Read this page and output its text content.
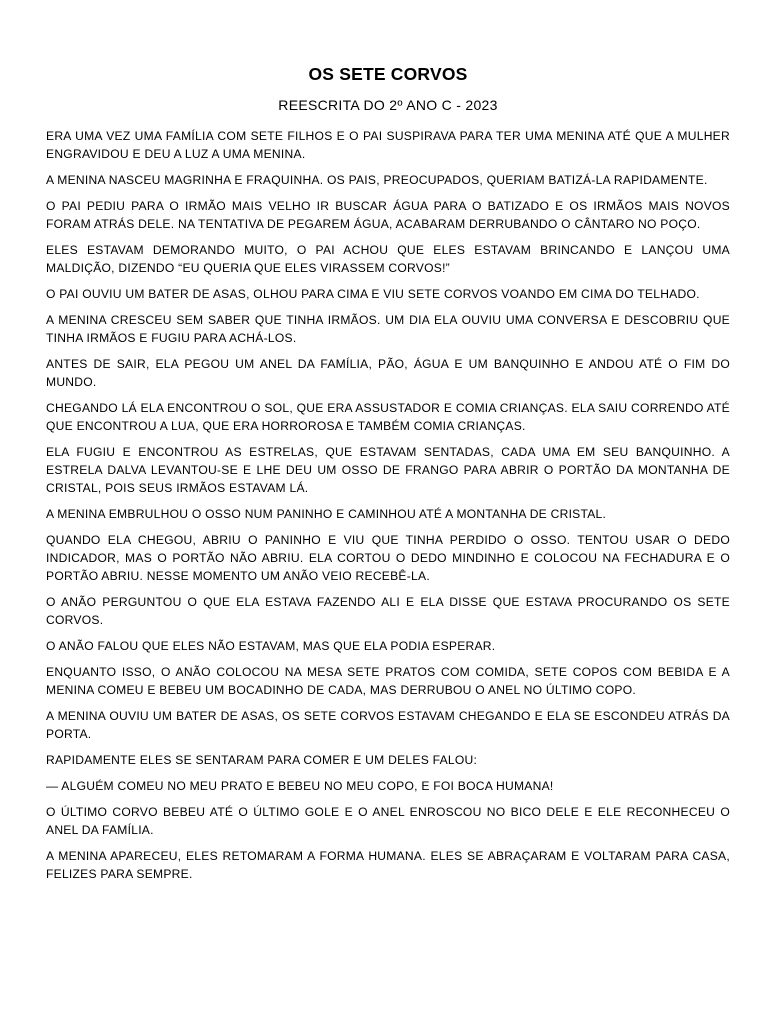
OS SETE CORVOS
REESCRITA DO 2º ANO C - 2023

ERA UMA VEZ UMA FAMÍLIA COM SETE FILHOS E O PAI SUSPIRAVA PARA TER UMA MENINA ATÉ QUE A MULHER ENGRAVIDOU E DEU A LUZ A UMA MENINA.

A MENINA NASCEU MAGRINHA E FRAQUINHA. OS PAIS, PREOCUPADOS, QUERIAM BATIZÁ-LA RAPIDAMENTE.

O PAI PEDIU PARA O IRMÃO MAIS VELHO IR BUSCAR ÁGUA PARA O BATIZADO E OS IRMÃOS MAIS NOVOS FORAM ATRÁS DELE. NA TENTATIVA DE PEGAREM ÁGUA, ACABARAM DERRUBANDO O CÂNTARO NO POÇO.

ELES ESTAVAM DEMORANDO MUITO, O PAI ACHOU QUE ELES ESTAVAM BRINCANDO E LANÇOU UMA MALDIÇÃO, DIZENDO “EU QUERIA QUE ELES VIRASSEM CORVOS!”

O PAI OUVIU UM BATER DE ASAS, OLHOU PARA CIMA E VIU SETE CORVOS VOANDO EM CIMA DO TELHADO.

A MENINA CRESCEU SEM SABER QUE TINHA IRMÃOS. UM DIA ELA OUVIU UMA CONVERSA E DESCOBRIU QUE TINHA IRMÃOS E FUGIU PARA ACHÁ-LOS.

ANTES DE SAIR, ELA PEGOU UM ANEL DA FAMÍLIA, PÃO, ÁGUA E UM BANQUINHO E ANDOU ATÉ O FIM DO MUNDO.

CHEGANDO LÁ ELA ENCONTROU O SOL, QUE ERA ASSUSTADOR E COMIA CRIANÇAS. ELA SAIU CORRENDO ATÉ QUE ENCONTROU A LUA, QUE ERA HORROROSA E TAMBÉM COMIA CRIANÇAS.

ELA FUGIU E ENCONTROU AS ESTRELAS, QUE ESTAVAM SENTADAS, CADA UMA EM SEU BANQUINHO. A ESTRELA DALVA LEVANTOU-SE E LHE DEU UM OSSO DE FRANGO PARA ABRIR O PORTÃO DA MONTANHA DE CRISTAL, POIS SEUS IRMÃOS ESTAVAM LÁ.

A MENINA EMBRULHOU O OSSO NUM PANINHO E CAMINHOU ATÉ A MONTANHA DE CRISTAL.

QUANDO ELA CHEGOU, ABRIU O PANINHO E VIU QUE TINHA PERDIDO O OSSO. TENTOU USAR O DEDO INDICADOR, MAS O PORTÃO NÃO ABRIU. ELA CORTOU O DEDO MINDINHO E COLOCOU NA FECHADURA E O PORTÃO ABRIU. NESSE MOMENTO UM ANÃO VEIO RECEBÊ-LA.

O ANÃO PERGUNTOU O QUE ELA ESTAVA FAZENDO ALI E ELA DISSE QUE ESTAVA PROCURANDO OS SETE CORVOS.

O ANÃO FALOU QUE ELES NÃO ESTAVAM, MAS QUE ELA PODIA ESPERAR.

ENQUANTO ISSO, O ANÃO COLOCOU NA MESA SETE PRATOS COM COMIDA, SETE COPOS COM BEBIDA E A MENINA COMEU E BEBEU UM BOCADINHO DE CADA, MAS DERRUBOU O ANEL NO ÚLTIMO COPO.

A MENINA OUVIU UM BATER DE ASAS, OS SETE CORVOS ESTAVAM CHEGANDO E ELA SE ESCONDEU ATRÁS DA PORTA.

RAPIDAMENTE ELES SE SENTARAM PARA COMER E UM DELES FALOU:

— ALGUÉM COMEU NO MEU PRATO E BEBEU NO MEU COPO, E FOI BOCA HUMANA!

O ÚLTIMO CORVO BEBEU ATÉ O ÚLTIMO GOLE E O ANEL ENROSCOU NO BICO DELE E ELE RECONHECEU O ANEL DA FAMÍLIA.

A MENINA APARECEU, ELES RETOMARAM A FORMA HUMANA. ELES SE ABRAÇARAM E VOLTARAM PARA CASA, FELIZES PARA SEMPRE.
